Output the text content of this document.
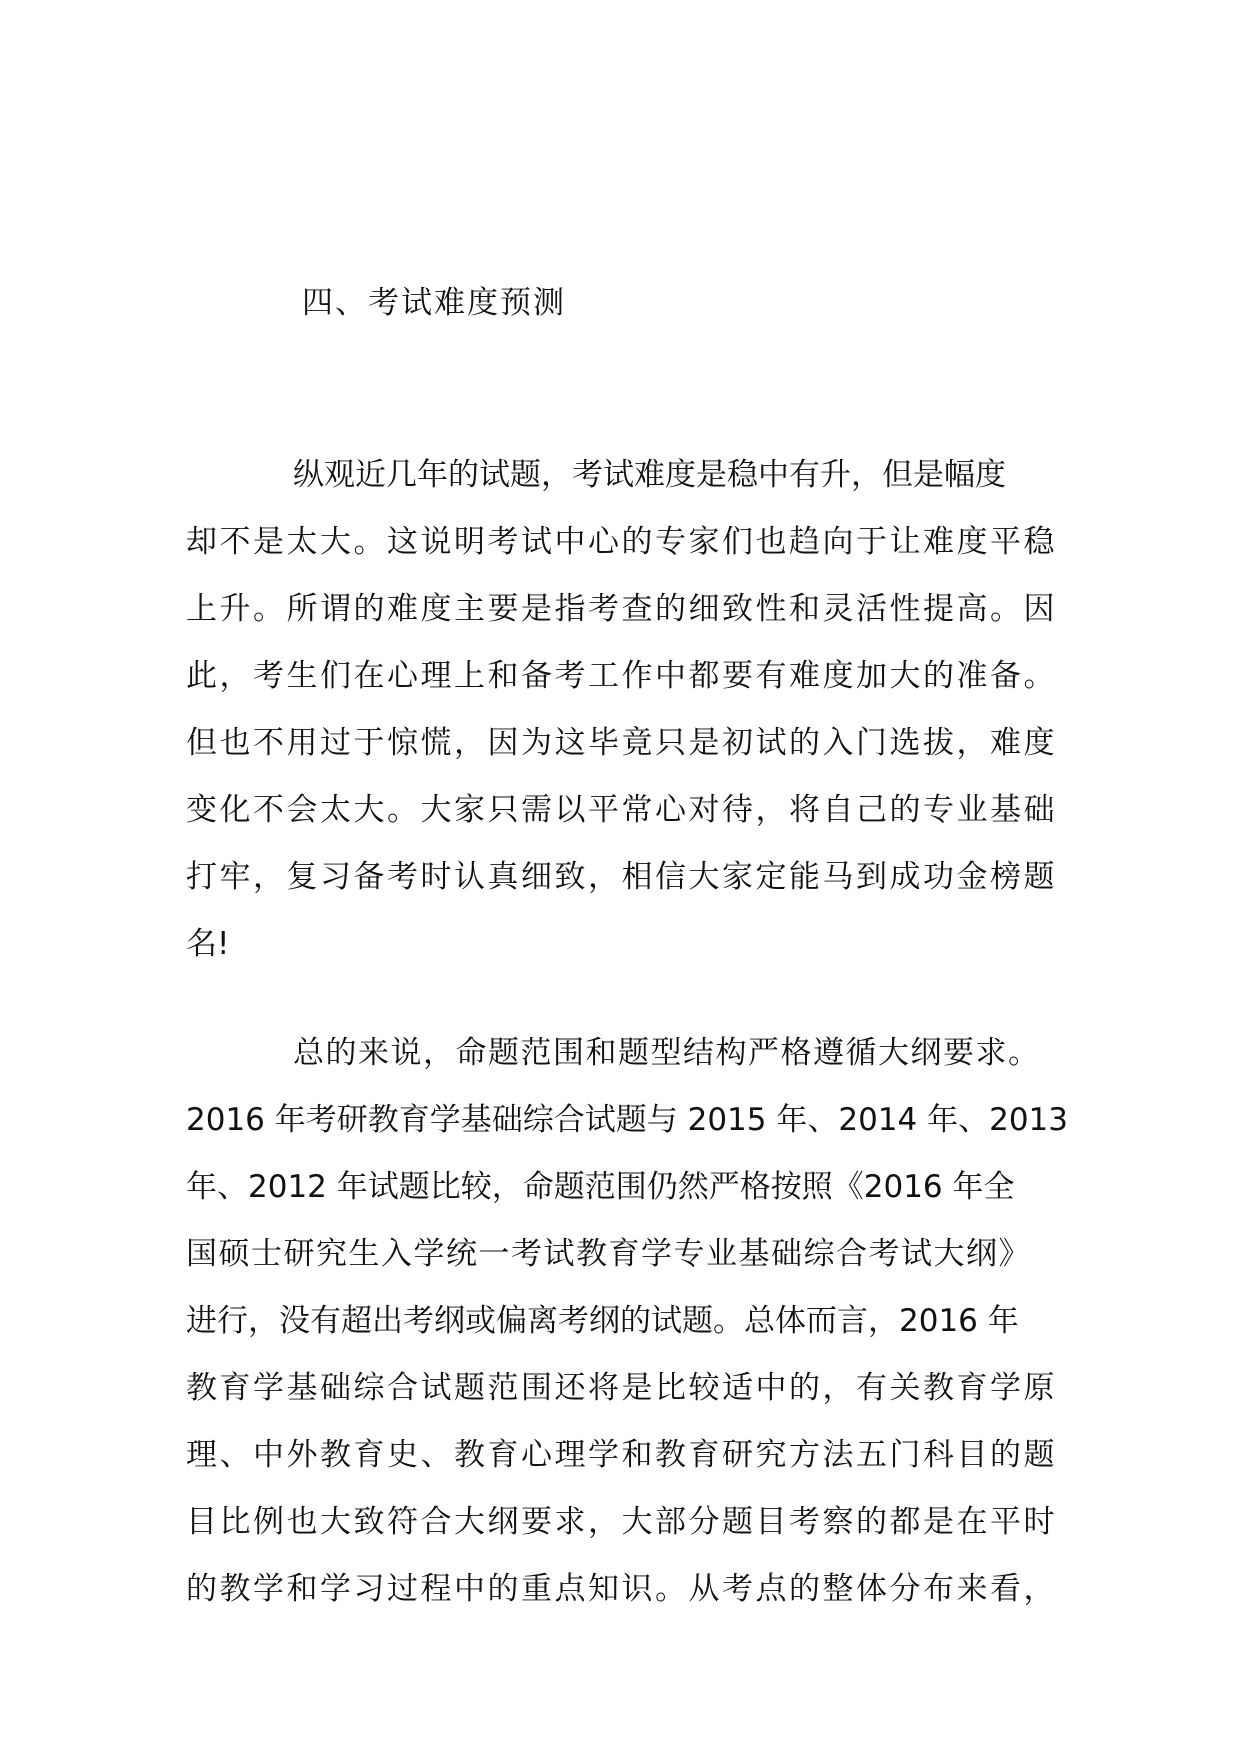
四、考试难度预测
纵观近几年的试题，考试难度是稳中有升，但是幅度
却不是太大。这说明考试中心的专家们也趋向于让难度平稳
上升。所谓的难度主要是指考查的细致性和灵活性提高。因
此，考生们在心理上和备考工作中都要有难度加大的准备。
但也不用过于惊慌，因为这毕竟只是初试的入门选拔，难度
变化不会太大。大家只需以平常心对待，将自己的专业基础
打牢，复习备考时认真细致，相信大家定能马到成功金榜题
名!
总的来说，命题范围和题型结构严格遵循大纲要求。
2016 年考研教育学基础综合试题与 2015 年、2014 年、2013
年、2012 年试题比较，命题范围仍然严格按照《2016 年全
国硕士研究生入学统一考试教育学专业基础综合考试大纲》
进行，没有超出考纲或偏离考纲的试题。总体而言，2016 年
教育学基础综合试题范围还将是比较适中的，有关教育学原
理、中外教育史、教育心理学和教育研究方法五门科目的题
目比例也大致符合大纲要求，大部分题目考察的都是在平时
的教学和学习过程中的重点知识。从考点的整体分布来看，
